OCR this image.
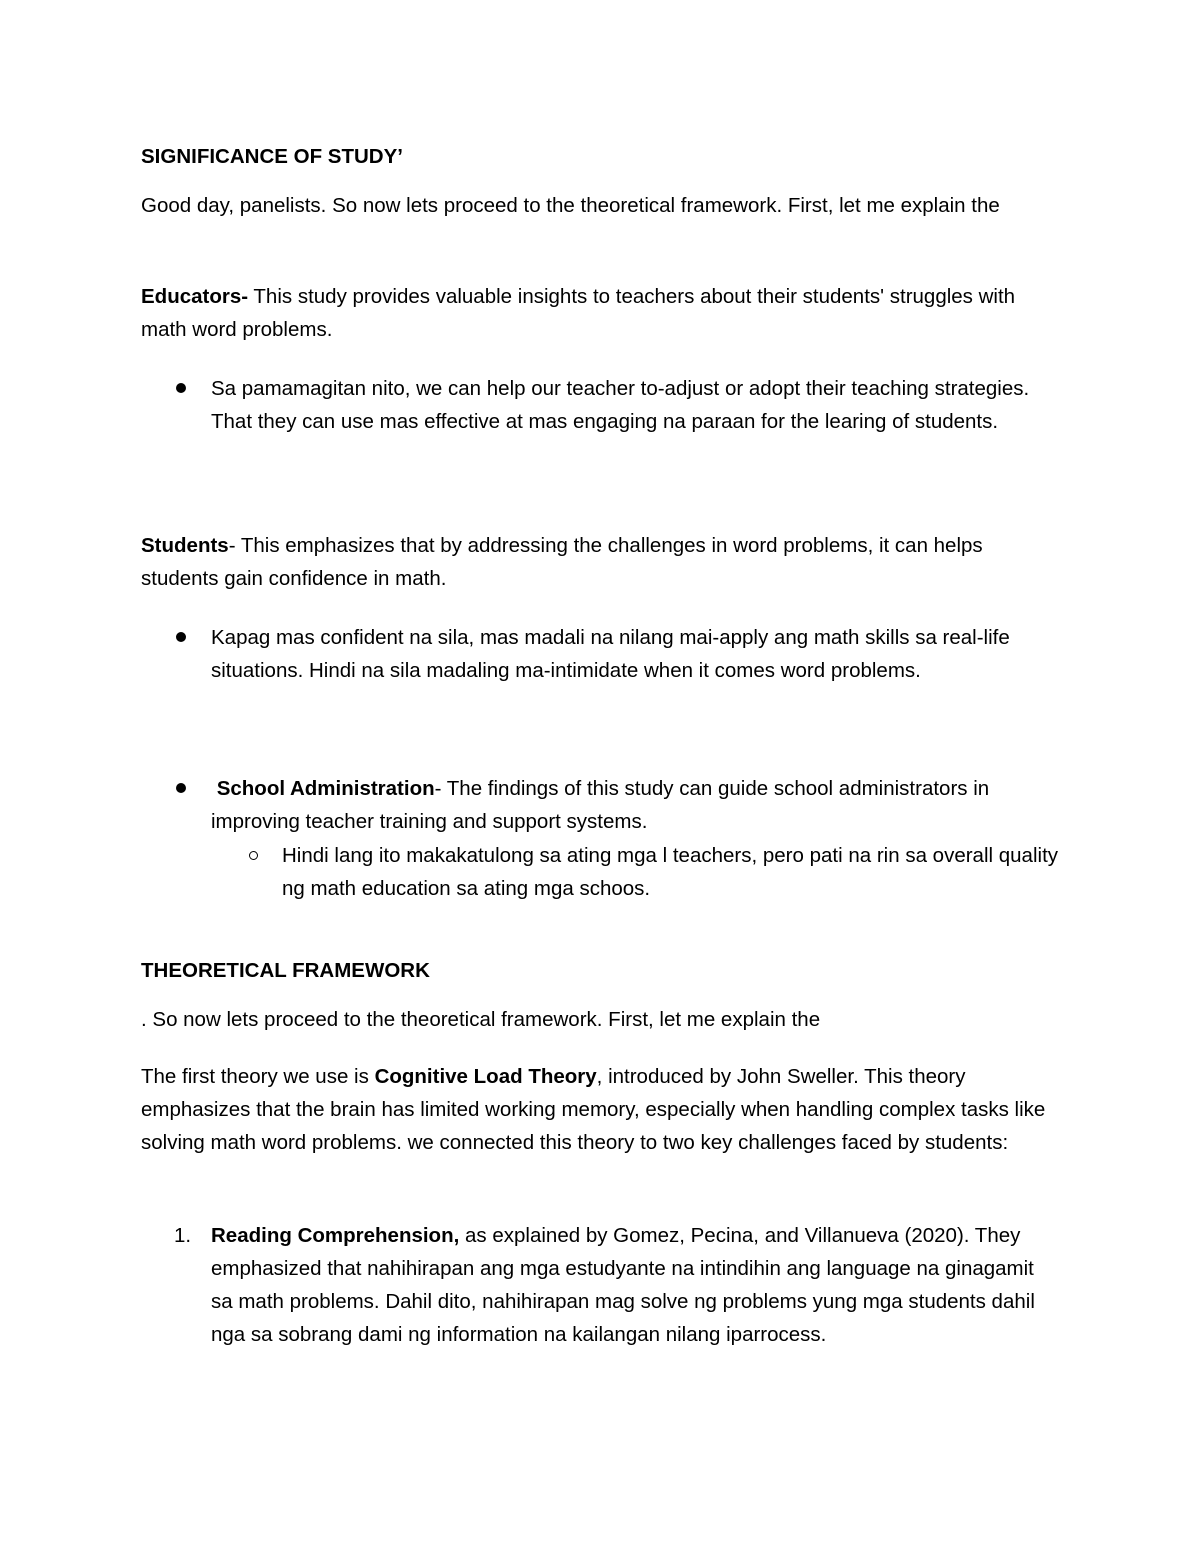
SIGNIFICANCE OF STUDY’

Good day, panelists. So now lets proceed to the theoretical framework. First, let me explain the

Educators- This study provides valuable insights to teachers about their students' struggles with math word problems.

Sa pamamagitan nito, we can help our teacher to-adjust or adopt their teaching strategies. That they can use mas effective at mas engaging na paraan for the learing of students.

Students- This emphasizes that by addressing the challenges in word problems, it can helps students gain confidence in math.

Kapag mas confident na sila, mas madali na nilang mai-apply ang math skills sa real-life situations. Hindi na sila madaling ma-intimidate when it comes word problems.

School Administration- The findings of this study can guide school administrators in improving teacher training and support systems.

Hindi lang ito makakatulong sa ating mga l teachers, pero pati na rin sa overall quality ng math education sa ating mga schoos.

THEORETICAL FRAMEWORK

. So now lets proceed to the theoretical framework. First, let me explain the

The first theory we use is Cognitive Load Theory, introduced by John Sweller. This theory emphasizes that the brain has limited working memory, especially when handling complex tasks like solving math word problems. we connected this theory to two key challenges faced by students:

1. Reading Comprehension, as explained by Gomez, Pecina, and Villanueva (2020). They emphasized that nahihirapan ang mga estudyante na intindihin ang language na ginagamit sa math problems. Dahil dito, nahihirapan mag solve ng problems yung mga students dahil nga sa sobrang dami ng information na kailangan nilang iparrocess.
